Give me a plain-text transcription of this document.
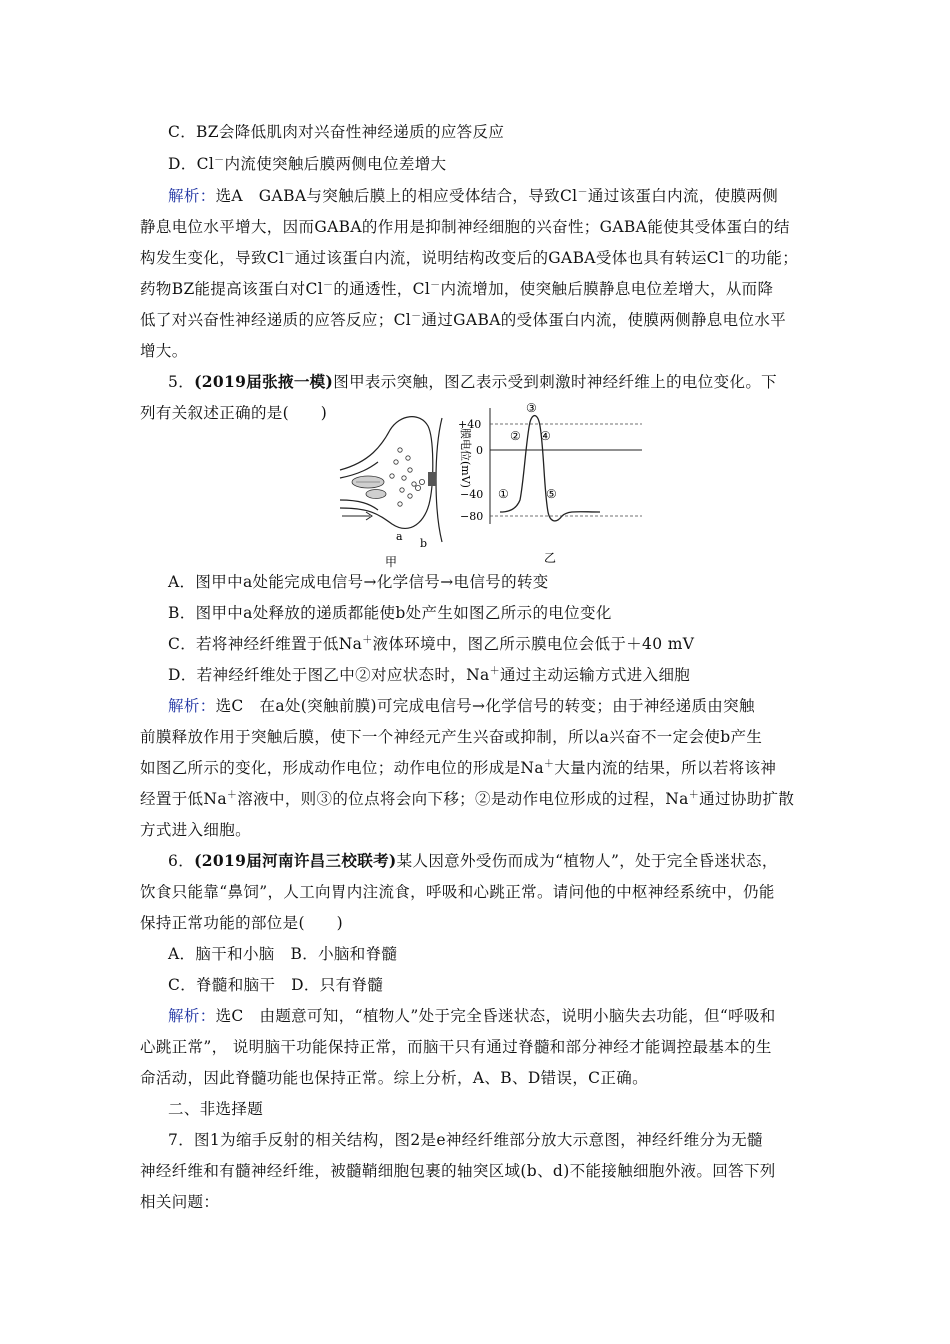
C．BZ会降低肌肉对兴奋性神经递质的应答反应
D．Cl－内流使突触后膜两侧电位差增大
解析：选A　GABA与突触后膜上的相应受体结合，导致Cl－通过该蛋白内流，使膜两侧
静息电位水平增大，因而GABA的作用是抑制神经细胞的兴奋性；GABA能使其受体蛋白的结
构发生变化，导致Cl－通过该蛋白内流，说明结构改变后的GABA受体也具有转运Cl－的功能；
药物BZ能提高该蛋白对Cl－的通透性，Cl－内流增加，使突触后膜静息电位差增大，从而降
低了对兴奋性神经递质的应答反应；Cl－通过GABA的受体蛋白内流，使膜两侧静息电位水平
增大。
5．(2019届张掖一模)图甲表示突触，图乙表示受到刺激时神经纤维上的电位变化。下
列有关叙述正确的是(　　)
a
b
甲
膜电位(mV)
+40
0
−40
−80
①
②
③
④
⑤
乙
A．图甲中a处能完成电信号→化学信号→电信号的转变
B．图甲中a处释放的递质都能使b处产生如图乙所示的电位变化
C．若将神经纤维置于低Na＋液体环境中，图乙所示膜电位会低于＋40 mV
D．若神经纤维处于图乙中②对应状态时，Na＋通过主动运输方式进入细胞
解析：选C　在a处(突触前膜)可完成电信号→化学信号的转变；由于神经递质由突触
前膜释放作用于突触后膜，使下一个神经元产生兴奋或抑制，所以a兴奋不一定会使b产生
如图乙所示的变化，形成动作电位；动作电位的形成是Na＋大量内流的结果，所以若将该神
经置于低Na＋溶液中，则③的位点将会向下移；②是动作电位形成的过程，Na＋通过协助扩散
方式进入细胞。
6．(2019届河南许昌三校联考)某人因意外受伤而成为“植物人”，处于完全昏迷状态，
饮食只能靠“鼻饲”，人工向胃内注流食，呼吸和心跳正常。请问他的中枢神经系统中，仍能
保持正常功能的部位是(　　)
A．脑干和小脑　B．小脑和脊髓
C．脊髓和脑干　D．只有脊髓
解析：选C　由题意可知，“植物人”处于完全昏迷状态，说明小脑失去功能，但“呼吸和
心跳正常”， 说明脑干功能保持正常，而脑干只有通过脊髓和部分神经才能调控最基本的生
命活动，因此脊髓功能也保持正常。综上分析，A、B、D错误，C正确。
二、非选择题
7．图1为缩手反射的相关结构，图2是e神经纤维部分放大示意图，神经纤维分为无髓
神经纤维和有髓神经纤维，被髓鞘细胞包裹的轴突区域(b、d)不能接触细胞外液。回答下列
相关问题：
